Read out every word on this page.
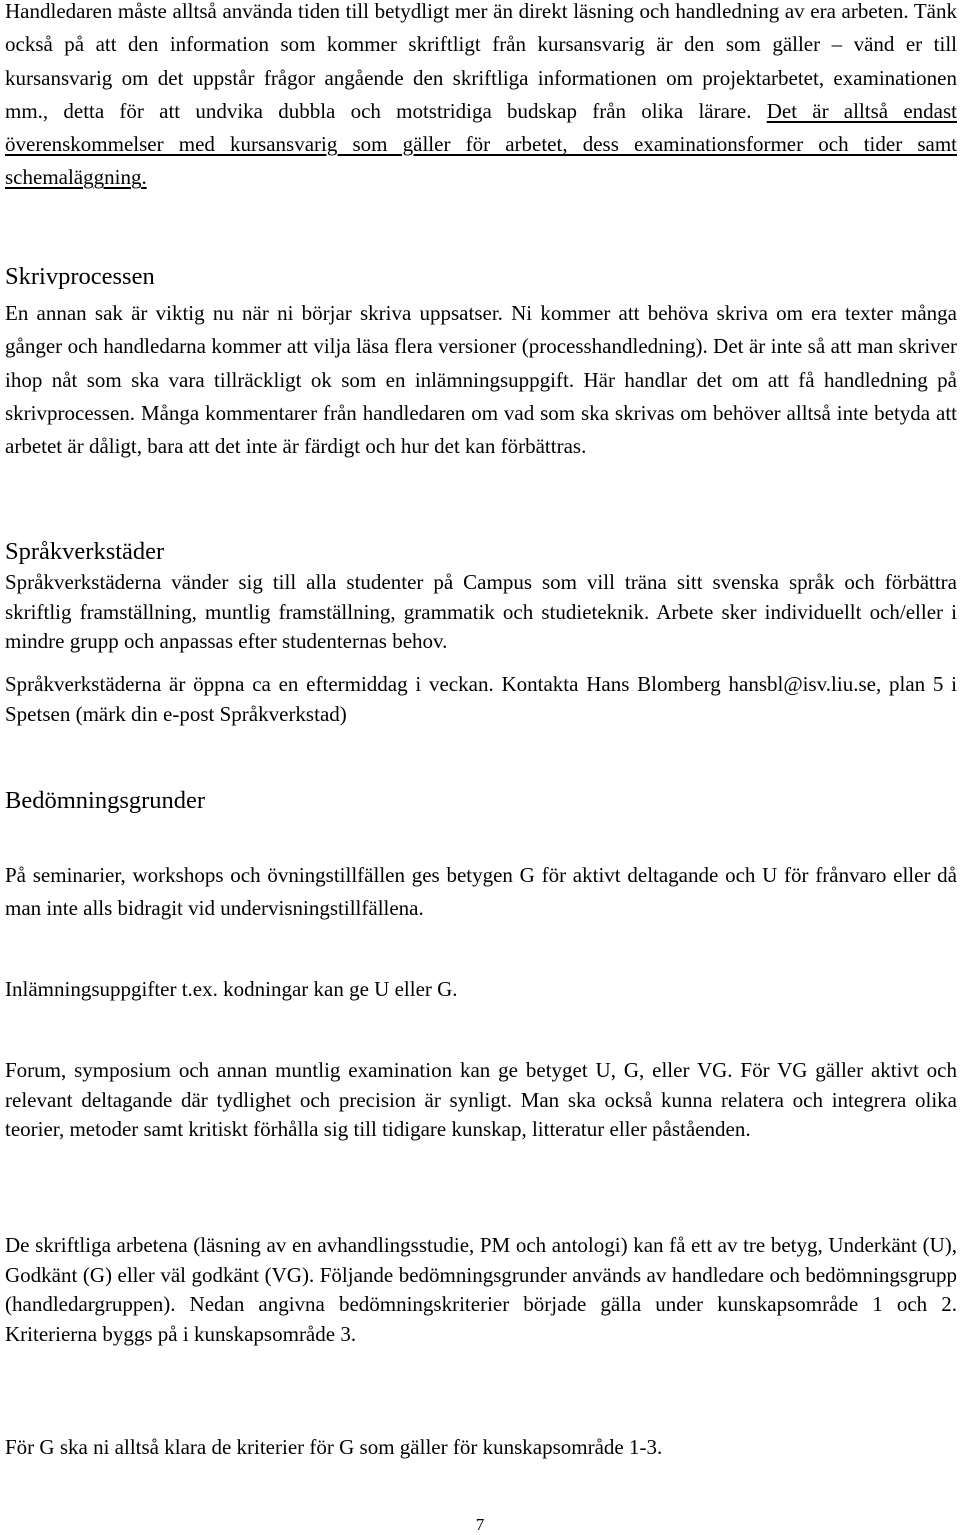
Handledaren måste alltså använda tiden till betydligt mer än direkt läsning och handledning av era arbeten. Tänk också på att den information som kommer skriftligt från kursansvarig är den som gäller – vänd er till kursansvarig om det uppstår frågor angående den skriftliga informationen om projektarbetet, examinationen mm., detta för att undvika dubbla och motstridiga budskap från olika lärare. Det är alltså endast överenskommelser med kursansvarig som gäller för arbetet, dess examinationsformer och tider samt schemaläggning.

Skrivprocessen

En annan sak är viktig nu när ni börjar skriva uppsatser. Ni kommer att behöva skriva om era texter många gånger och handledarna kommer att vilja läsa flera versioner (processhandledning). Det är inte så att man skriver ihop nåt som ska vara tillräckligt ok som en inlämningsuppgift. Här handlar det om att få handledning på skrivprocessen. Många kommentarer från handledaren om vad som ska skrivas om behöver alltså inte betyda att arbetet är dåligt, bara att det inte är färdigt och hur det kan förbättras.

Språkverkstäder

Språkverkstäderna vänder sig till alla studenter på Campus som vill träna sitt svenska språk och förbättra skriftlig framställning, muntlig framställning, grammatik och studieteknik. Arbete sker individuellt och/eller i mindre grupp och anpassas efter studenternas behov.

Språkverkstäderna är öppna ca en eftermiddag i veckan. Kontakta Hans Blomberg hansbl@isv.liu.se, plan 5 i Spetsen (märk din e-post Språkverkstad)

Bedömningsgrunder

På seminarier, workshops och övningstillfällen ges betygen G för aktivt deltagande och U för frånvaro eller då man inte alls bidragit vid undervisningstillfällena.

Inlämningsuppgifter t.ex. kodningar kan ge U eller G.

Forum, symposium och annan muntlig examination kan ge betyget U, G, eller VG. För VG gäller aktivt och relevant deltagande där tydlighet och precision är synligt. Man ska också kunna relatera och integrera olika teorier, metoder samt kritiskt förhålla sig till tidigare kunskap, litteratur eller påståenden.

De skriftliga arbetena (läsning av en avhandlingsstudie, PM och antologi) kan få ett av tre betyg, Underkänt (U), Godkänt (G) eller väl godkänt (VG). Följande bedömningsgrunder används av handledare och bedömningsgrupp (handledargruppen). Nedan angivna bedömningskriterier började gälla under kunskapsområde 1 och 2. Kriterierna byggs på i kunskapsområde 3.

För G ska ni alltså klara de kriterier för G som gäller för kunskapsområde 1-3.

7
